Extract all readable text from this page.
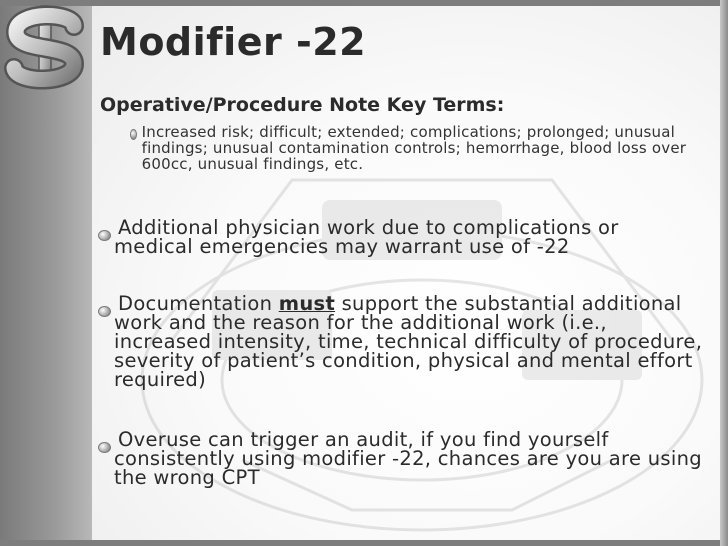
Modifier -22
Operative/Procedure Note Key Terms:
Increased risk; difficult; extended; complications; prolonged; unusual findings; unusual contamination controls; hemorrhage, blood loss over 600cc, unusual findings, etc.
Additional physician work due to complications or medical emergencies may warrant use of -22
Documentation must support the substantial additional work and the reason for the additional work (i.e., increased intensity, time, technical difficulty of procedure, severity of patient’s condition, physical and mental effort required)
Overuse can trigger an audit, if you find yourself consistently using modifier -22, chances are you are using the wrong CPT
